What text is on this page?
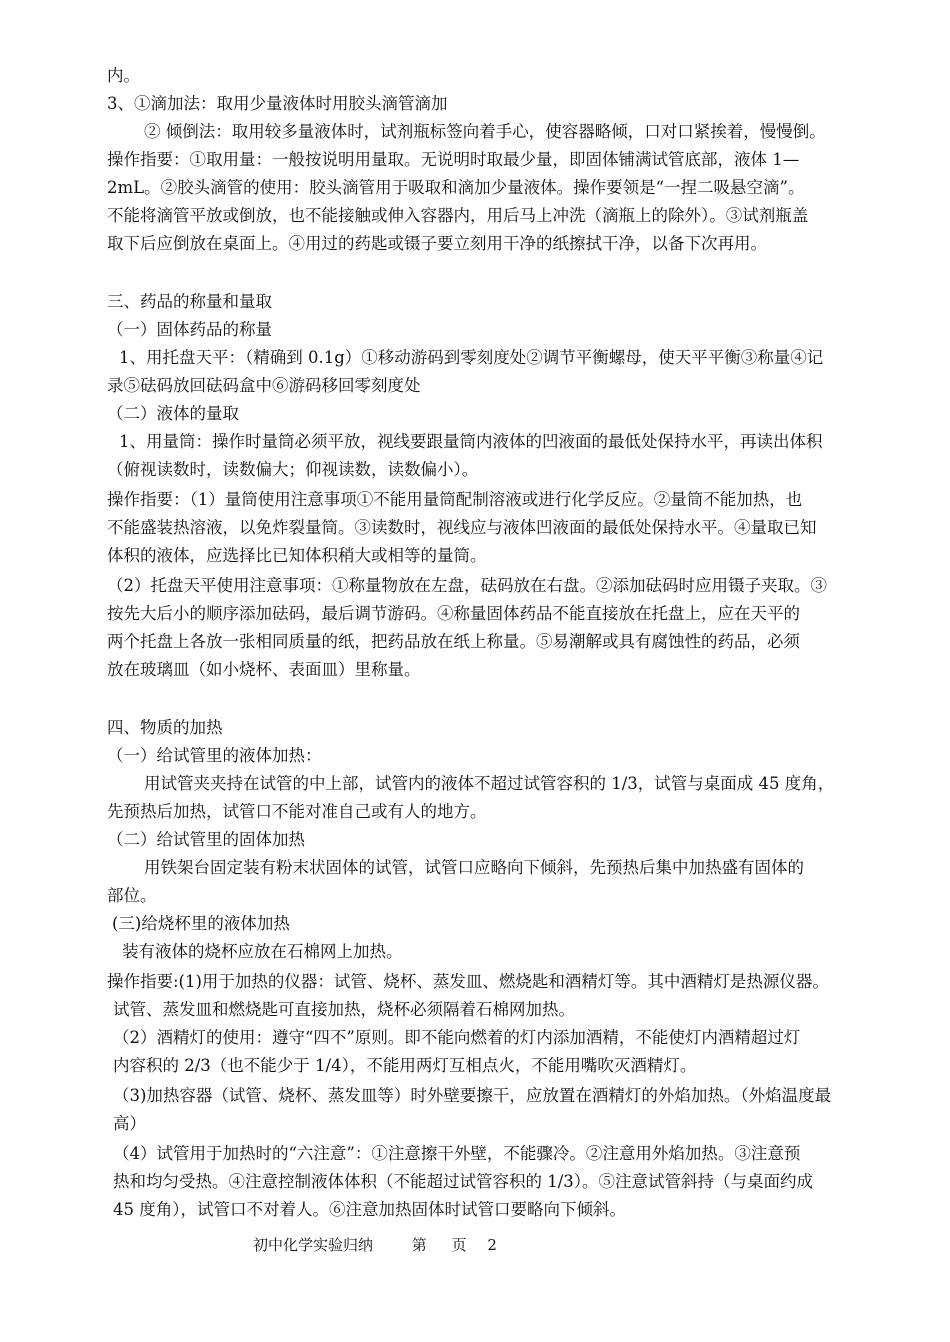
内。
3、①滴加法：取用少量液体时用胶头滴管滴加
② 倾倒法：取用较多量液体时，试剂瓶标签向着手心，使容器略倾，口对口紧挨着，慢慢倒。
操作指要：①取用量：一般按说明用量取。无说明时取最少量，即固体铺满试管底部，液体 1—
2mL。②胶头滴管的使用：胶头滴管用于吸取和滴加少量液体。操作要领是“一捏二吸悬空滴”。
不能将滴管平放或倒放，也不能接触或伸入容器内，用后马上冲洗（滴瓶上的除外）。③试剂瓶盖
取下后应倒放在桌面上。④用过的药匙或镊子要立刻用干净的纸擦拭干净，以备下次再用。
三、药品的称量和量取
（一）固体药品的称量
1、用托盘天平：（精确到 0.1g）①移动游码到零刻度处②调节平衡螺母，使天平平衡③称量④记
录⑤砝码放回砝码盒中⑥游码移回零刻度处
（二）液体的量取
1、用量筒：操作时量筒必须平放，视线要跟量筒内液体的凹液面的最低处保持水平，再读出体积
（俯视读数时，读数偏大；仰视读数，读数偏小）。
操作指要：（1）量筒使用注意事项①不能用量筒配制溶液或进行化学反应。②量筒不能加热，也
不能盛装热溶液，以免炸裂量筒。③读数时，视线应与液体凹液面的最低处保持水平。④量取已知
体积的液体，应选择比已知体积稍大或相等的量筒。
（2）托盘天平使用注意事项：①称量物放在左盘，砝码放在右盘。②添加砝码时应用镊子夹取。③
按先大后小的顺序添加砝码，最后调节游码。④称量固体药品不能直接放在托盘上，应在天平的
两个托盘上各放一张相同质量的纸，把药品放在纸上称量。⑤易潮解或具有腐蚀性的药品，必须
放在玻璃皿（如小烧杯、表面皿）里称量。
四、物质的加热
（一）给试管里的液体加热：
用试管夹夹持在试管的中上部，试管内的液体不超过试管容积的 1/3，试管与桌面成 45 度角，
先预热后加热，试管口不能对准自己或有人的地方。
（二）给试管里的固体加热
用铁架台固定装有粉末状固体的试管，试管口应略向下倾斜，先预热后集中加热盛有固体的
部位。
(三)给烧杯里的液体加热
装有液体的烧杯应放在石棉网上加热。
操作指要:(1)用于加热的仪器：试管、烧杯、蒸发皿、燃烧匙和酒精灯等。其中酒精灯是热源仪器。
试管、蒸发皿和燃烧匙可直接加热，烧杯必须隔着石棉网加热。
（2）酒精灯的使用：遵守“四不”原则。即不能向燃着的灯内添加酒精，不能使灯内酒精超过灯
内容积的 2/3（也不能少于 1/4），不能用两灯互相点火，不能用嘴吹灭酒精灯。
（3)加热容器（试管、烧杯、蒸发皿等）时外壁要擦干，应放置在酒精灯的外焰加热。（外焰温度最
高）
（4）试管用于加热时的“六注意”：①注意擦干外壁，不能骤冷。②注意用外焰加热。③注意预
热和均匀受热。④注意控制液体体积（不能超过试管容积的 1/3）。⑤注意试管斜持（与桌面约成
45 度角），试管口不对着人。⑥注意加热固体时试管口要略向下倾斜。
初中化学实验归纳	第 页 2
